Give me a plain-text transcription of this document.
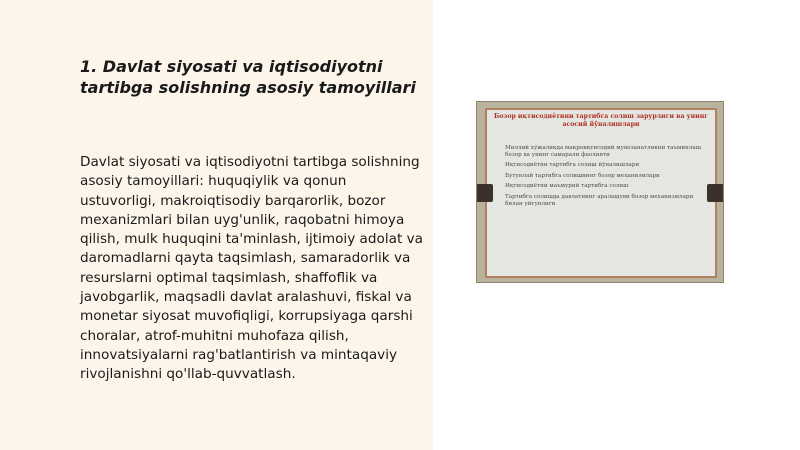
1. Davlat siyosati va iqtisodiyotni tartibga solishning asosiy tamoyillari

Davlat siyosati va iqtisodiyotni tartibga solishning asosiy tamoyillari: huquqiylik va qonun ustuvorligi, makroiqtisodiy barqarorlik, bozor mexanizmlari bilan uyg'unlik, raqobatni himoya qilish, mulk huquqini ta'minlash, ijtimoiy adolat va daromadlarni qayta taqsimlash, samaradorlik va resurslarni optimal taqsimlash, shaffoflik va javobgarlik, maqsadli davlat aralashuvi, fiskal va monetar siyosat muvofiqligi, korrupsiyaga qarshi choralar, atrof-muhitni muhofaza qilish, innovatsiyalarni rag'batlantirish va mintaqaviy rivojlanishni qo'llab-quvvatlash.

Бозор иқтисодиётини тартибга солиш зарурлиги ва унинг асосий йўналишлари
Миллий хўжаликда макроиқтисодий мувозанатликни таъминлаш бозор ва унинг самарали фаолияти
Иқтисодиётни тартибга солиш йўналишлари
Бутунлай тартибга солишнинг бозор механизмлари
Иқтисодиётни маъмурий тартибга солиш
Тартибга солишда давлатнинг аралашуви бозор механизмлари билан уйғунлиги
